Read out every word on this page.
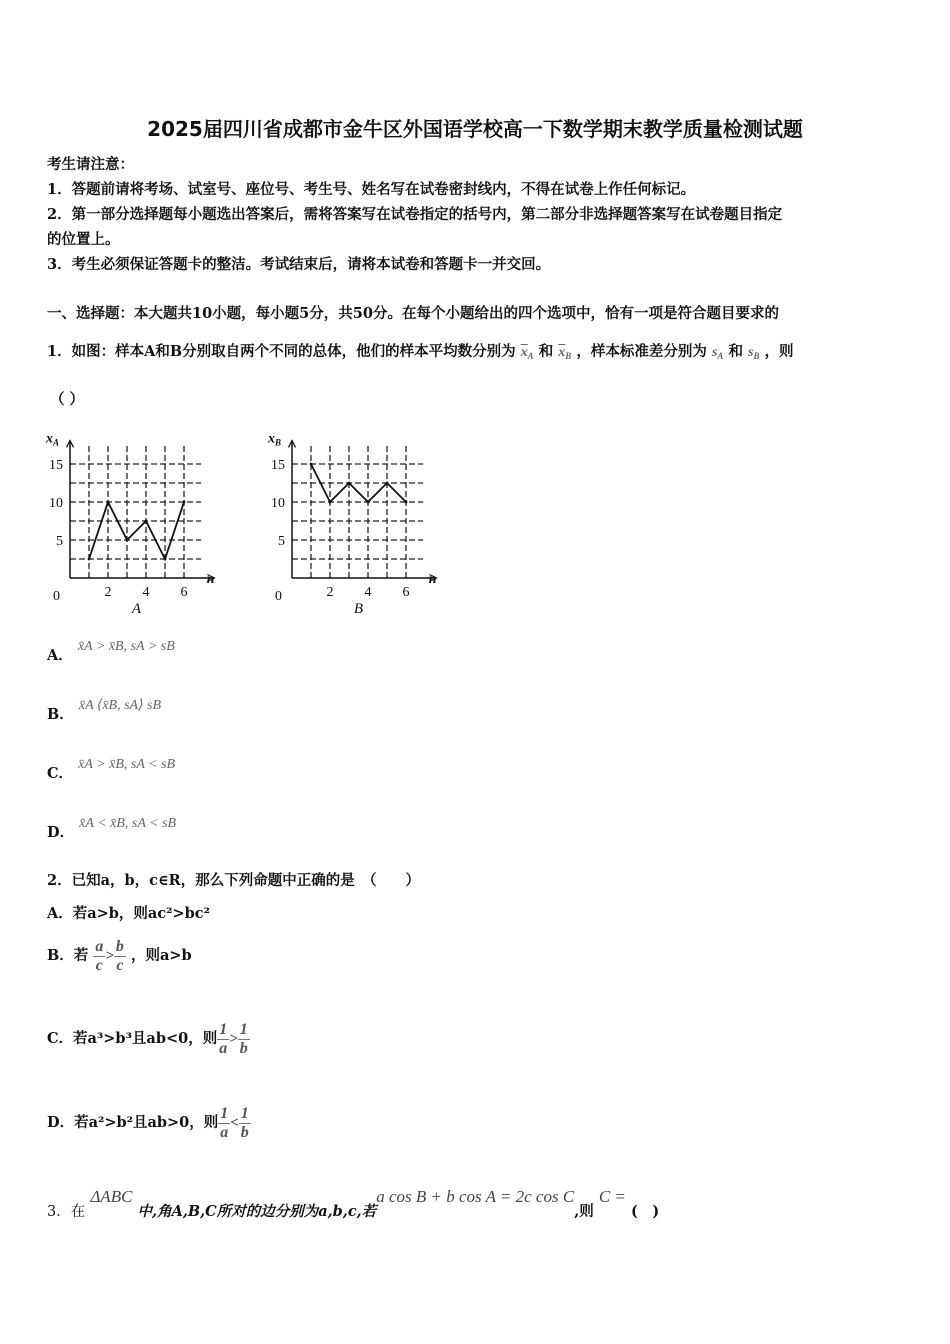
2025届四川省成都市金牛区外国语学校高一下数学期末教学质量检测试题
考生请注意：
1．答题前请将考场、试室号、座位号、考生号、姓名写在试卷密封线内，不得在试卷上作任何标记。
2．第一部分选择题每小题选出答案后，需将答案写在试卷指定的括号内，第二部分非选择题答案写在试卷题目指定
的位置上。
3．考生必须保证答题卡的整洁。考试结束后，请将本试卷和答题卡一并交回。
一、选择题：本大题共10小题，每小题5分，共50分。在每个小题给出的四个选项中，恰有一项是符合题目要求的
1．如图：样本A和B分别取自两个不同的总体，他们的样本平均数分别为 $\overline{x}_A$ 和 $\overline{x}_B$ ，样本标准差分别为 $s_A$ 和 $s_B$ ，则
（ ）
5
10
15
0	2 4 6
n
$x_A$
A
5
10
15
0	2 4 6
n
$x_B$
B
A． x̄A > x̄B, sA > sB
B． x̄A ⟨x̄B, sA⟩ sB
C． x̄A > x̄B, sA < sB
D． x̄A < x̄B, sA < sB
2．已知a，b，c∈R，那么下列命题中正确的是　（　　）
A．若a>b，则ac²>bc²
B．若 $\frac{a}{c} > \frac{b}{c}$ ，则a>b
C．若a³>b³且ab<0，则 $\frac{1}{a} > \frac{1}{b}$
D．若a²>b²且ab>0，则 $\frac{1}{a} < \frac{1}{b}$
3．在 ΔABC 中,角A,B,C所对的边分别为a,b,c,若a cos B + b cos A = 2c cos C,则 C = (　)
